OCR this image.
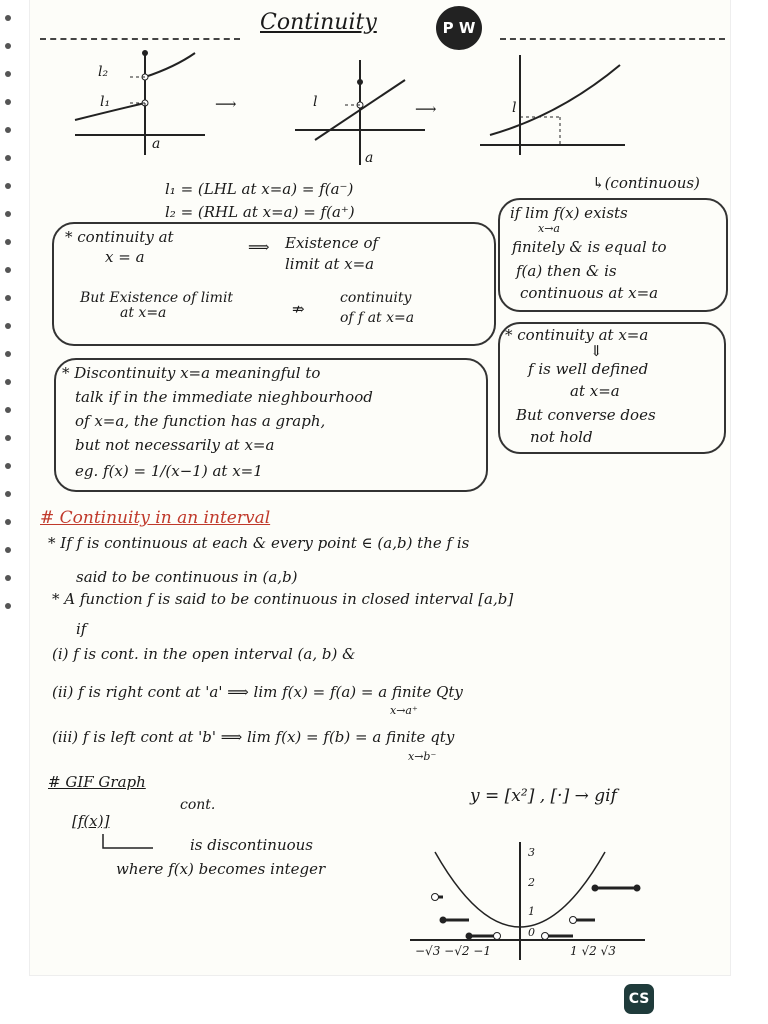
Continuity	P W
l₂
l₁
a
⟶	l
a
⟶	l
↳(continuous)
l₁ = (LHL at x=a) = f(a⁻)
l₂ = (RHL at x=a) = f(a⁺)
* continuity at
x = a
⟹ Existence of
limit at x=a
But Existence of limit
at x=a	⇏
continuity
of f at x=a
if lim f(x) exists
x→a
finitely & is equal to
f(a) then & is
continuous at x=a
* Discontinuity x=a meaningful to
talk if in the immediate nieghbourhood
of x=a, the function has a graph,
but not necessarily at x=a
eg. f(x) = 1/(x−1) at x=1
* continuity at x=a
⇓
f is well defined
at x=a
But converse does
not hold
# Continuity in an interval
* If f is continuous at each & every point ∈ (a,b) the f is
said to be continuous in (a,b)
* A function f is said to be continuous in closed interval [a,b]
if
(i) f is cont. in the open interval (a, b) &
(ii) f is right cont at 'a' ⟹ lim f(x) = f(a) = a finite Qty
x→a⁺
(iii) f is left cont at 'b' ⟹ lim f(x) = f(b) = a finite qty
x→b⁻
# GIF Graph
cont.
[f(x)]
is discontinuous
where f(x) becomes integer
y = [x²] , [·] → gif
3
2
1
0
−√3 −√2 −1	1 √2 √3
CS
